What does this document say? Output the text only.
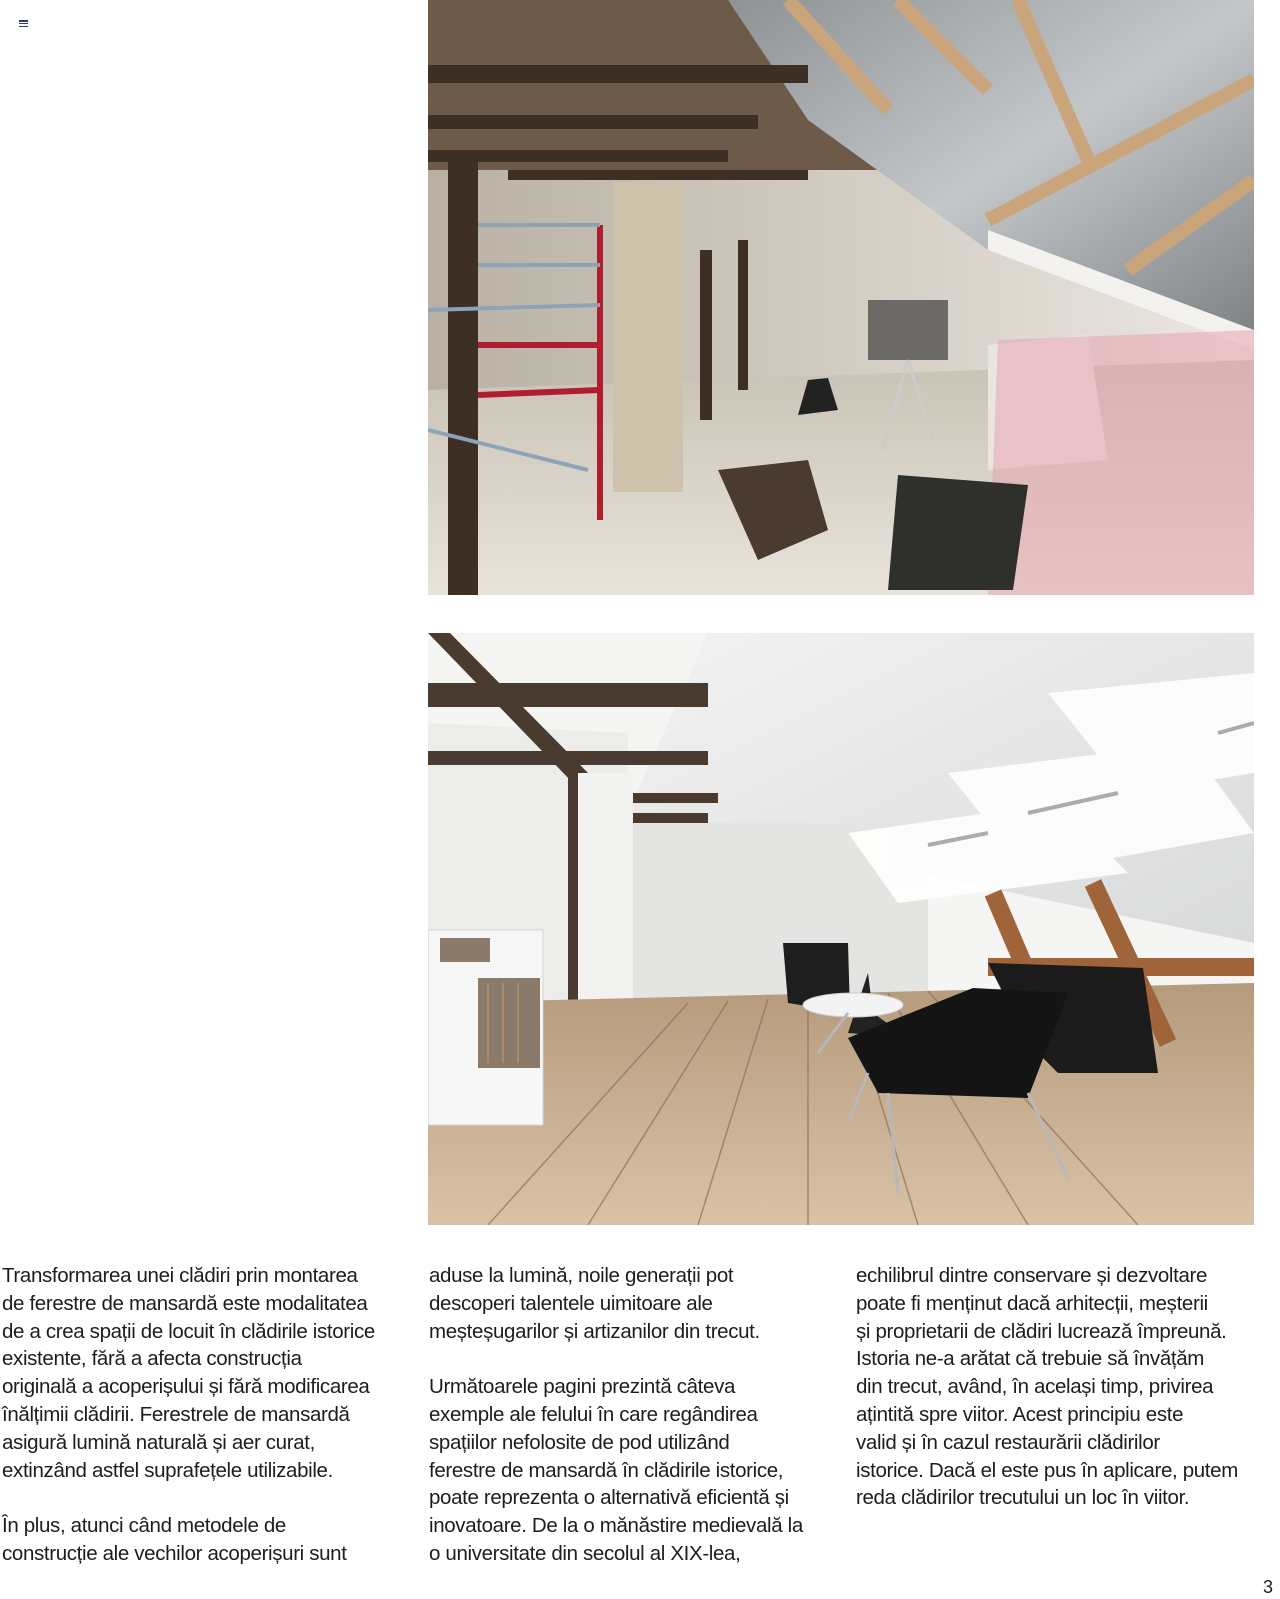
Transformarea unei clădiri prin montarea
de ferestre de mansardă este modalitatea
de a crea spații de locuit în clădirile istorice
existente, fără a afecta construcția
originală a acoperișului și fără modificarea
înălțimii clădirii. Ferestrele de mansardă
asigură lumină naturală și aer curat,
extinzând astfel suprafețele utilizabile.

În plus, atunci când metodele de
construcție ale vechilor acoperișuri sunt

aduse la lumină, noile generații pot
descoperi talentele uimitoare ale
meșteșugarilor și artizanilor din trecut.

Următoarele pagini prezintă câteva
exemple ale felului în care regândirea
spațiilor nefolosite de pod utilizând
ferestre de mansardă în clădirile istorice,
poate reprezenta o alternativă eficientă și
inovatoare. De la o mănăstire medievală la
o universitate din secolul al XIX-lea,

echilibrul dintre conservare și dezvoltare
poate fi menținut dacă arhitecții, meșterii
și proprietarii de clădiri lucrează împreună.
Istoria ne-a arătat că trebuie să învățăm
din trecut, având, în același timp, privirea
ațintită spre viitor. Acest principiu este
valid și în cazul restaurării clădirilor
istorice. Dacă el este pus în aplicare, putem
reda clădirilor trecutului un loc în viitor.

3
